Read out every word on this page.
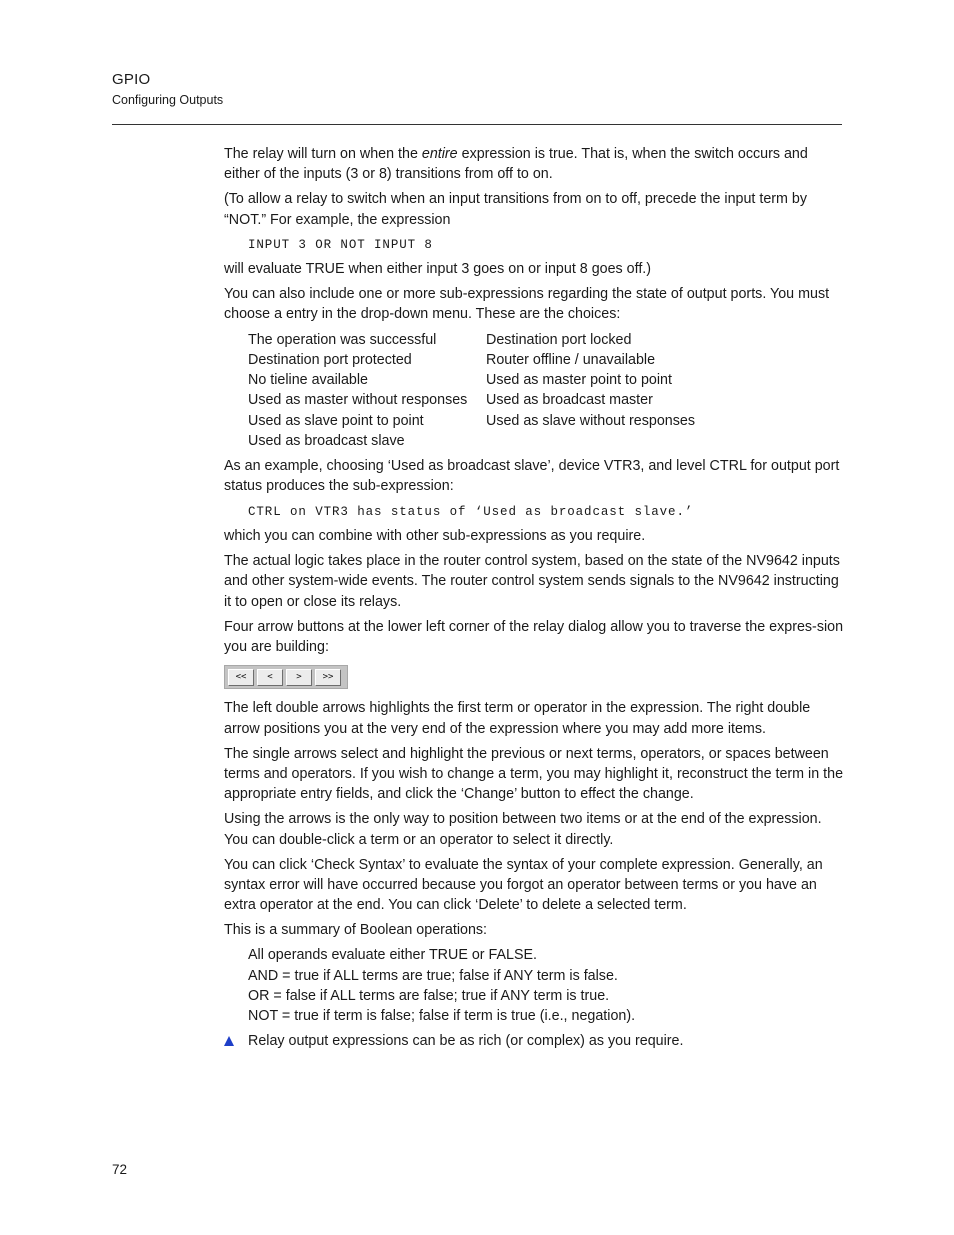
GPIO
Configuring Outputs

The relay will turn on when the entire expression is true. That is, when the switch occurs and either of the inputs (3 or 8) transitions from off to on.

(To allow a relay to switch when an input transitions from on to off, precede the input term by “NOT.” For example, the expression

INPUT 3 OR NOT INPUT 8

will evaluate TRUE when either input 3 goes on or input 8 goes off.)

You can also include one or more sub-expressions regarding the state of output ports. You must choose a entry in the drop-down menu. These are the choices:

The operation was successful	Destination port locked
Destination port protected	Router offline / unavailable
No tieline available	Used as master point to point
Used as master without responses	Used as broadcast master
Used as slave point to point	Used as slave without responses
Used as broadcast slave

As an example, choosing ‘Used as broadcast slave’, device VTR3, and level CTRL for output port status produces the sub-expression:

CTRL on VTR3 has status of ‘Used as broadcast slave.’

which you can combine with other sub-expressions as you require.

The actual logic takes place in the router control system, based on the state of the NV9642 inputs and other system-wide events. The router control system sends signals to the NV9642 instructing it to open or close its relays.

Four arrow buttons at the lower left corner of the relay dialog allow you to traverse the expres-sion you are building:

<<	<	>	>>

The left double arrows highlights the first term or operator in the expression. The right double arrow positions you at the very end of the expression where you may add more items.

The single arrows select and highlight the previous or next terms, operators, or spaces between terms and operators. If you wish to change a term, you may highlight it, reconstruct the term in the appropriate entry fields, and click the ‘Change’ button to effect the change.

Using the arrows is the only way to position between two items or at the end of the expression. You can double-click a term or an operator to select it directly.

You can click ‘Check Syntax’ to evaluate the syntax of your complete expression. Generally, an syntax error will have occurred because you forgot an operator between terms or you have an extra operator at the end. You can click ‘Delete’ to delete a selected term.

This is a summary of Boolean operations:

All operands evaluate either TRUE or FALSE.
AND = true if ALL terms are true; false if ANY term is false.
OR = false if ALL terms are false; true if ANY term is true.
NOT = true if term is false; false if term is true (i.e., negation).

Relay output expressions can be as rich (or complex) as you require.

72
